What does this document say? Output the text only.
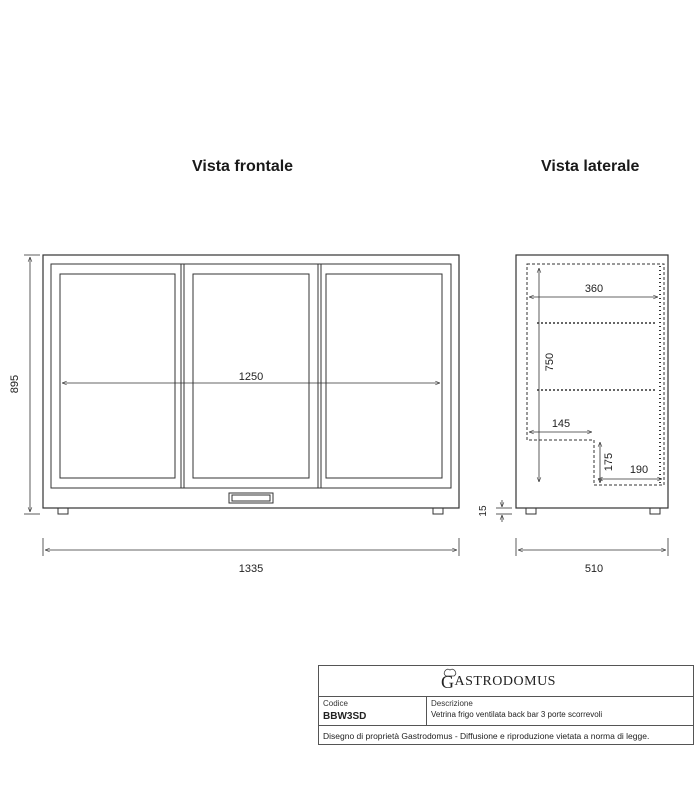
Vista frontale	Vista laterale
895	1250
1335
360
750
145
175 190
15
510
G ASTRODOMUS
Codice
BBW3SD
Descrizione
Vetrina frigo ventilata back bar 3 porte scorrevoli
Disegno di proprietà Gastrodomus - Diffusione e riproduzione vietata a norma di legge.
